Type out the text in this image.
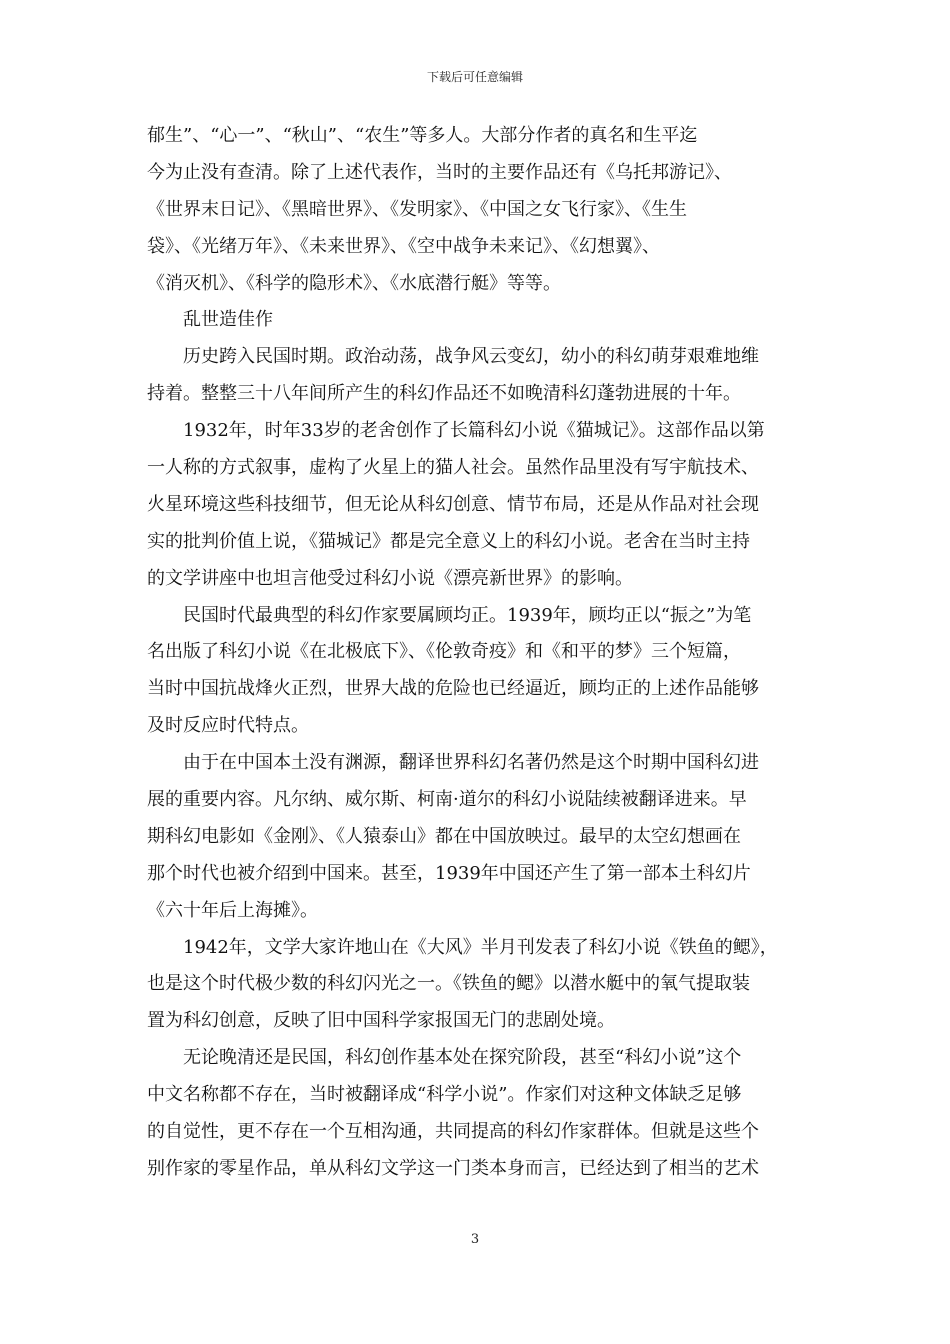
下载后可任意编辑

郁生”、“心一”、“秋山”、“农生”等多人。大部分作者的真名和生平迄

今为止没有查清。除了上述代表作，当时的主要作品还有《乌托邦游记》、

《世界末日记》、《黑暗世界》、《发明家》、《中国之女飞行家》、《生生

袋》、《光绪万年》、《未来世界》、《空中战争未来记》、《幻想翼》、

《消灭机》、《科学的隐形术》、《水底潜行艇》等等。

乱世造佳作

历史跨入民国时期。政治动荡，战争风云变幻，幼小的科幻萌芽艰难地维

持着。整整三十八年间所产生的科幻作品还不如晚清科幻蓬勃进展的十年。

1932年，时年33岁的老舍创作了长篇科幻小说《猫城记》。这部作品以第

一人称的方式叙事，虚构了火星上的猫人社会。虽然作品里没有写宇航技术、

火星环境这些科技细节，但无论从科幻创意、情节布局，还是从作品对社会现

实的批判价值上说，《猫城记》都是完全意义上的科幻小说。老舍在当时主持

的文学讲座中也坦言他受过科幻小说《漂亮新世界》的影响。

民国时代最典型的科幻作家要属顾均正。1939年，顾均正以“振之”为笔

名出版了科幻小说《在北极底下》、《伦敦奇疫》和《和平的梦》三个短篇，

当时中国抗战烽火正烈，世界大战的危险也已经逼近，顾均正的上述作品能够

及时反应时代特点。

由于在中国本土没有渊源，翻译世界科幻名著仍然是这个时期中国科幻进

展的重要内容。凡尔纳、威尔斯、柯南·道尔的科幻小说陆续被翻译进来。早

期科幻电影如《金刚》、《人猿泰山》都在中国放映过。最早的太空幻想画在

那个时代也被介绍到中国来。甚至，1939年中国还产生了第一部本土科幻片

《六十年后上海摊》。

1942年，文学大家许地山在《大风》半月刊发表了科幻小说《铁鱼的鳃》，

也是这个时代极少数的科幻闪光之一。《铁鱼的鳃》以潜水艇中的氧气提取装

置为科幻创意，反映了旧中国科学家报国无门的悲剧处境。

无论晚清还是民国，科幻创作基本处在探究阶段，甚至“科幻小说”这个

中文名称都不存在，当时被翻译成“科学小说”。作家们对这种文体缺乏足够

的自觉性，更不存在一个互相沟通，共同提高的科幻作家群体。但就是这些个

别作家的零星作品，单从科幻文学这一门类本身而言，已经达到了相当的艺术

3
